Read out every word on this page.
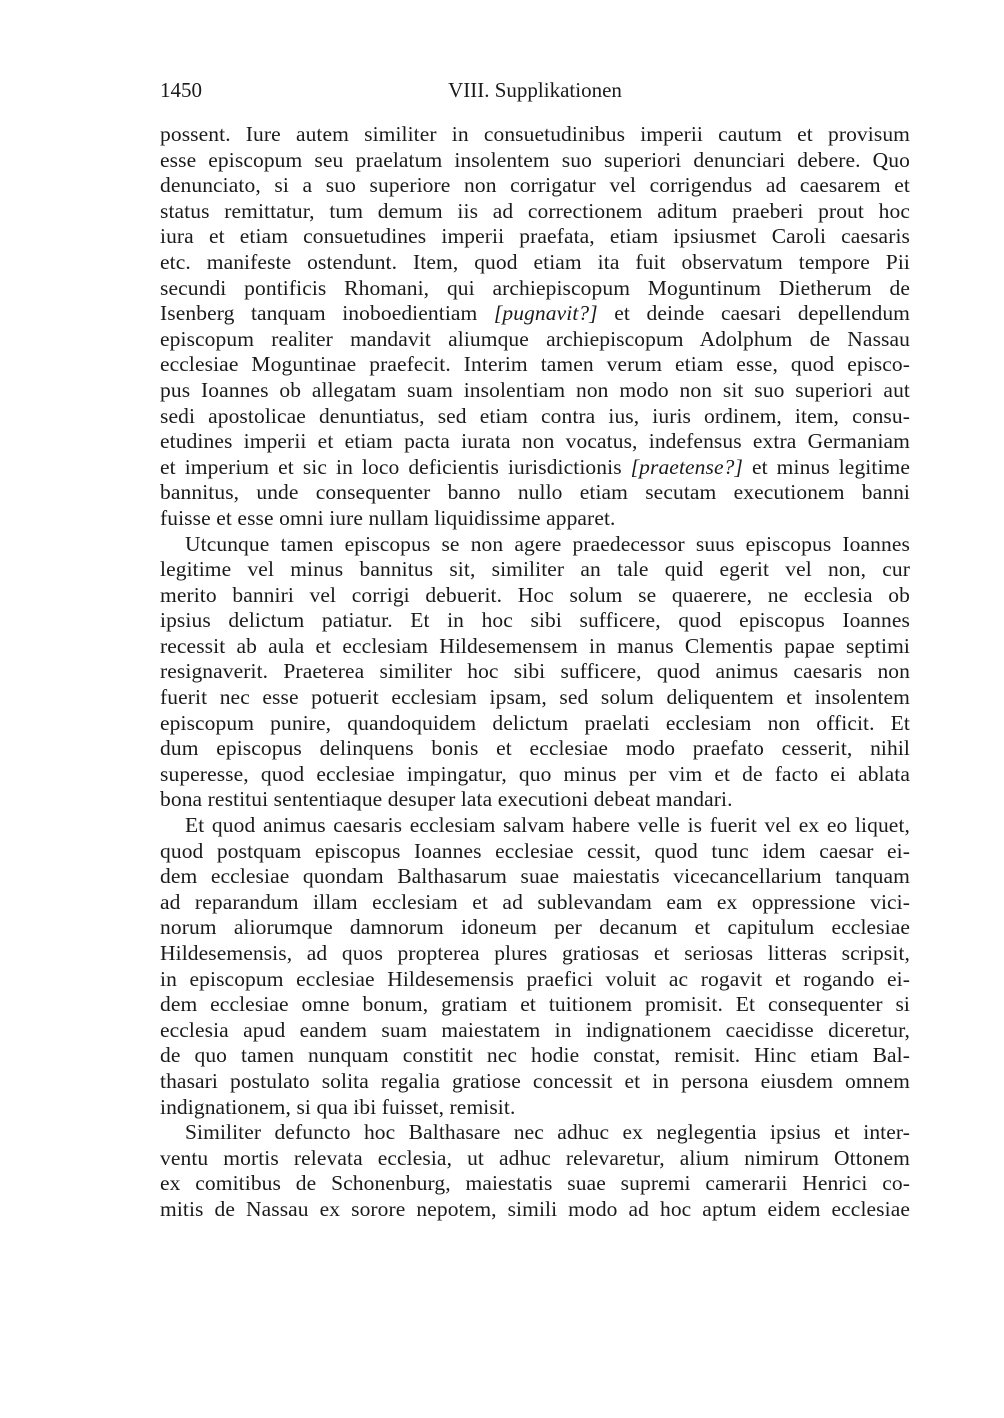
1450	VIII. Supplikationen

possent. Iure autem similiter in consuetudinibus imperii cautum et provisum
esse episcopum seu praelatum insolentem suo superiori denunciari debere. Quo
denunciato, si a suo superiore non corrigatur vel corrigendus ad caesarem et
status remittatur, tum demum iis ad correctionem aditum praeberi prout hoc
iura et etiam consuetudines imperii praefata, etiam ipsiusmet Caroli caesaris
etc. manifeste ostendunt. Item, quod etiam ita fuit observatum tempore Pii
secundi pontificis Rhomani, qui archiepiscopum Moguntinum Dietherum de
Isenberg tanquam inoboedientiam [pugnavit?] et deinde caesari depellendum
episcopum realiter mandavit aliumque archiepiscopum Adolphum de Nassau
ecclesiae Moguntinae praefecit. Interim tamen verum etiam esse, quod episco-
pus Ioannes ob allegatam suam insolentiam non modo non sit suo superiori aut
sedi apostolicae denuntiatus, sed etiam contra ius, iuris ordinem, item, consu-
etudines imperii et etiam pacta iurata non vocatus, indefensus extra Germaniam
et imperium et sic in loco deficientis iurisdictionis [praetense?] et minus legitime
bannitus, unde consequenter banno nullo etiam secutam executionem banni
fuisse et esse omni iure nullam liquidissime apparet.

Utcunque tamen episcopus se non agere praedecessor suus episcopus Ioannes
legitime vel minus bannitus sit, similiter an tale quid egerit vel non, cur
merito banniri vel corrigi debuerit. Hoc solum se quaerere, ne ecclesia ob
ipsius delictum patiatur. Et in hoc sibi sufficere, quod episcopus Ioannes
recessit ab aula et ecclesiam Hildesemensem in manus Clementis papae septimi
resignaverit. Praeterea similiter hoc sibi sufficere, quod animus caesaris non
fuerit nec esse potuerit ecclesiam ipsam, sed solum deliquentem et insolentem
episcopum punire, quandoquidem delictum praelati ecclesiam non officit. Et
dum episcopus delinquens bonis et ecclesiae modo praefato cesserit, nihil
superesse, quod ecclesiae impingatur, quo minus per vim et de facto ei ablata
bona restitui sententiaque desuper lata executioni debeat mandari.

Et quod animus caesaris ecclesiam salvam habere velle is fuerit vel ex eo liquet,
quod postquam episcopus Ioannes ecclesiae cessit, quod tunc idem caesar ei-
dem ecclesiae quondam Balthasarum suae maiestatis vicecancellarium tanquam
ad reparandum illam ecclesiam et ad sublevandam eam ex oppressione vici-
norum aliorumque damnorum idoneum per decanum et capitulum ecclesiae
Hildesemensis, ad quos propterea plures gratiosas et seriosas litteras scripsit,
in episcopum ecclesiae Hildesemensis praefici voluit ac rogavit et rogando ei-
dem ecclesiae omne bonum, gratiam et tuitionem promisit. Et consequenter si
ecclesia apud eandem suam maiestatem in indignationem caecidisse diceretur,
de quo tamen nunquam constitit nec hodie constat, remisit. Hinc etiam Bal-
thasari postulato solita regalia gratiose concessit et in persona eiusdem omnem
indignationem, si qua ibi fuisset, remisit.

Similiter defuncto hoc Balthasare nec adhuc ex neglegentia ipsius et inter-
ventu mortis relevata ecclesia, ut adhuc relevaretur, alium nimirum Ottonem
ex comitibus de Schonenburg, maiestatis suae supremi camerarii Henrici co-
mitis de Nassau ex sorore nepotem, simili modo ad hoc aptum eidem ecclesiae
